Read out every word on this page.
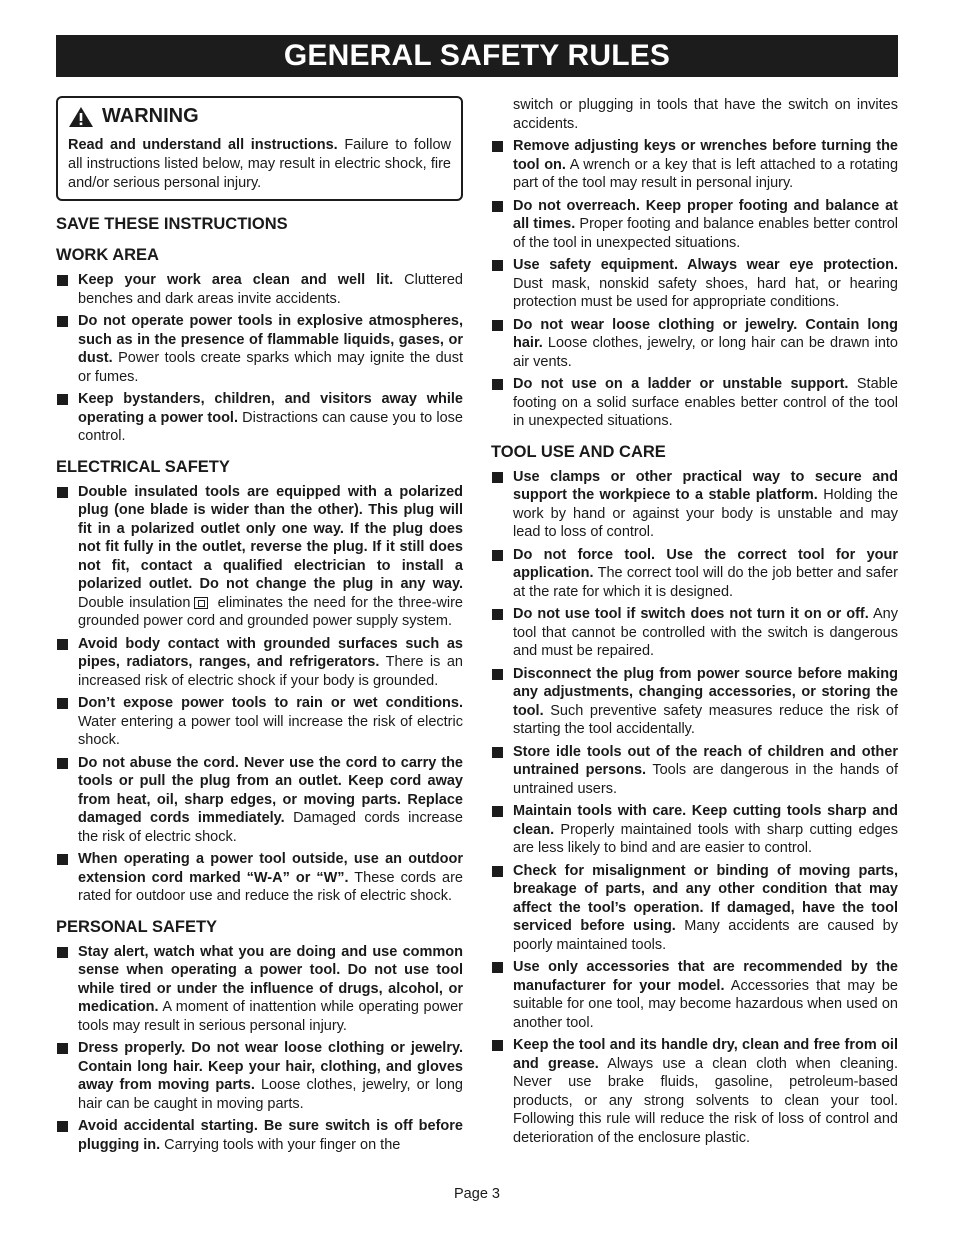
GENERAL SAFETY RULES
WARNING
Read and understand all instructions. Failure to follow all instructions listed below, may result in electric shock, fire and/or serious personal injury.
SAVE THESE INSTRUCTIONS
WORK AREA
Keep your work area clean and well lit. Cluttered benches and dark areas invite accidents.
Do not operate power tools in explosive atmospheres, such as in the presence of flammable liquids, gases, or dust. Power tools create sparks which may ignite the dust or fumes.
Keep bystanders, children, and visitors away while operating a power tool. Distractions can cause you to lose control.
ELECTRICAL SAFETY
Double insulated tools are equipped with a polarized plug (one blade is wider than the other). This plug will fit in a polarized outlet only one way. If the plug does not fit fully in the outlet, reverse the plug. If it still does not fit, contact a qualified electrician to install a polarized outlet. Do not change the plug in any way. Double insulation eliminates the need for the three-wire grounded power cord and grounded power supply system.
Avoid body contact with grounded surfaces such as pipes, radiators, ranges, and refrigerators. There is an increased risk of electric shock if your body is grounded.
Don’t expose power tools to rain or wet conditions. Water entering a power tool will increase the risk of electric shock.
Do not abuse the cord. Never use the cord to carry the tools or pull the plug from an outlet. Keep cord away from heat, oil, sharp edges, or moving parts. Replace damaged cords immediately. Damaged cords increase the risk of electric shock.
When operating a power tool outside, use an outdoor extension cord marked “W-A” or “W”. These cords are rated for outdoor use and reduce the risk of electric shock.
PERSONAL SAFETY
Stay alert, watch what you are doing and use common sense when operating a power tool. Do not use tool while tired or under the influence of drugs, alcohol, or medication. A moment of inattention while operating power tools may result in serious personal injury.
Dress properly. Do not wear loose clothing or jewelry. Contain long hair. Keep your hair, clothing, and gloves away from moving parts. Loose clothes, jewelry, or long hair can be caught in moving parts.
Avoid accidental starting. Be sure switch is off before plugging in. Carrying tools with your finger on the
switch or plugging in tools that have the switch on invites accidents.
Remove adjusting keys or wrenches before turning the tool on. A wrench or a key that is left attached to a rotating part of the tool may result in personal injury.
Do not overreach. Keep proper footing and balance at all times. Proper footing and balance enables better control of the tool in unexpected situations.
Use safety equipment. Always wear eye protection. Dust mask, nonskid safety shoes, hard hat, or hearing protection must be used for appropriate conditions.
Do not wear loose clothing or jewelry. Contain long hair. Loose clothes, jewelry, or long hair can be drawn into air vents.
Do not use on a ladder or unstable support. Stable footing on a solid surface enables better control of the tool in unexpected situations.
TOOL USE AND CARE
Use clamps or other practical way to secure and support the workpiece to a stable platform. Holding the work by hand or against your body is unstable and may lead to loss of control.
Do not force tool. Use the correct tool for your application. The correct tool will do the job better and safer at the rate for which it is designed.
Do not use tool if switch does not turn it on or off. Any tool that cannot be controlled with the switch is dangerous and must be repaired.
Disconnect the plug from power source before making any adjustments, changing accessories, or storing the tool. Such preventive safety measures reduce the risk of starting the tool accidentally.
Store idle tools out of the reach of children and other untrained persons. Tools are dangerous in the hands of untrained users.
Maintain tools with care. Keep cutting tools sharp and clean. Properly maintained tools with sharp cutting edges are less likely to bind and are easier to control.
Check for misalignment or binding of moving parts, breakage of parts, and any other condition that may affect the tool’s operation. If damaged, have the tool serviced before using. Many accidents are caused by poorly maintained tools.
Use only accessories that are recommended by the manufacturer for your model. Accessories that may be suitable for one tool, may become hazardous when used on another tool.
Keep the tool and its handle dry, clean and free from oil and grease. Always use a clean cloth when cleaning. Never use brake fluids, gasoline, petroleum-based products, or any strong solvents to clean your tool. Following this rule will reduce the risk of loss of control and deterioration of the enclosure plastic.
Page 3
